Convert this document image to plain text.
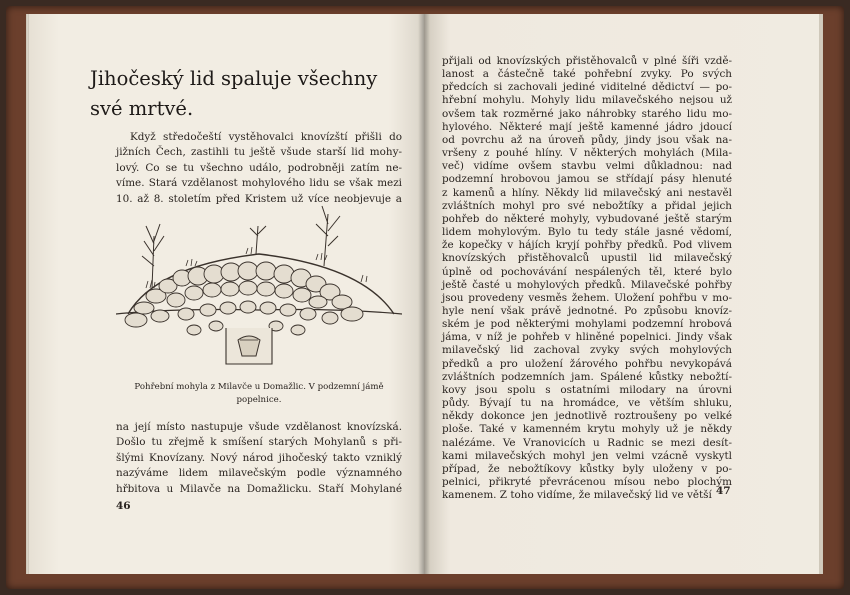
Jihočeský lid spaluje všechny své mrtvé.
Když středočeští vystěhovalci knovízští přišli do
jižních Čech, zastihli tu ještě všude starší lid mohy-
lový. Co se tu všechno událo, podrobněji zatím ne-
víme. Stará vzdělanost mohylového lidu se však mezi
10. až 8. stoletím před Kristem už více neobjevuje a
Pohřební mohyla z Milavče u Domažlic. V podzemní jámě
popelnice.
na její místo nastupuje všude vzdělanost knovízská.
Došlo tu zřejmě k smíšení starých Mohylanů s při-
šlými Knovízany. Nový národ jihočeský takto vzniklý
nazýváme lidem milavečským podle významného
hřbitova u Milavče na Domažlicku. Staří Mohylané
46
přijali od knovízských přistěhovalců v plné šíři vzdě-
lanost a částečně také pohřební zvyky. Po svých
předcích si zachovali jediné viditelné dědictví — po-
hřební mohylu. Mohyly lidu milavečského nejsou už
ovšem tak rozměrné jako náhrobky starého lidu mo-
hylového. Některé mají ještě kamenné jádro jdoucí
od povrchu až na úroveň půdy, jindy jsou však na-
vršeny z pouhé hlíny. V některých mohylách (Mila-
več) vidíme ovšem stavbu velmi důkladnou: nad
podzemní hrobovou jamou se střídají pásy hlenuté
z kamenů a hlíny. Někdy lid milavečský ani nestavěl
zvláštních mohyl pro své nebožtíky a přidal jejich
pohřeb do některé mohyly, vybudované ještě starým
lidem mohylovým. Bylo tu tedy stále jasné vědomí,
že kopečky v hájích kryjí pohřby předků. Pod vlivem
knovízských přistěhovalců upustil lid milavečský
úplně od pochovávání nespálených těl, které bylo
ještě časté u mohylových předků. Milavečské pohřby
jsou provedeny vesměs žehem. Uložení pohřbu v mo-
hyle není však právě jednotné. Po způsobu knovíz-
ském je pod některými mohylami podzemní hrobová
jáma, v níž je pohřeb v hliněné popelnici. Jindy však
milavečský lid zachoval zvyky svých mohylových
předků a pro uložení žárového pohřbu nevykopává
zvláštních podzemních jam. Spálené kůstky nebožtí-
kovy jsou spolu s ostatními milodary na úrovni
půdy. Bývají tu na hromádce, ve větším shluku,
někdy dokonce jen jednotlivě roztroušeny po velké
ploše. Také v kamenném krytu mohyly už je někdy
nalézáme. Ve Vranovicích u Radnic se mezi desít-
kami milavečských mohyl jen velmi vzácně vyskytl
případ, že nebožtíkovy kůstky byly uloženy v po-
pelnici, přikryté převrácenou mísou nebo plochým
kamenem. Z toho vidíme, že milavečský lid ve větší 47
